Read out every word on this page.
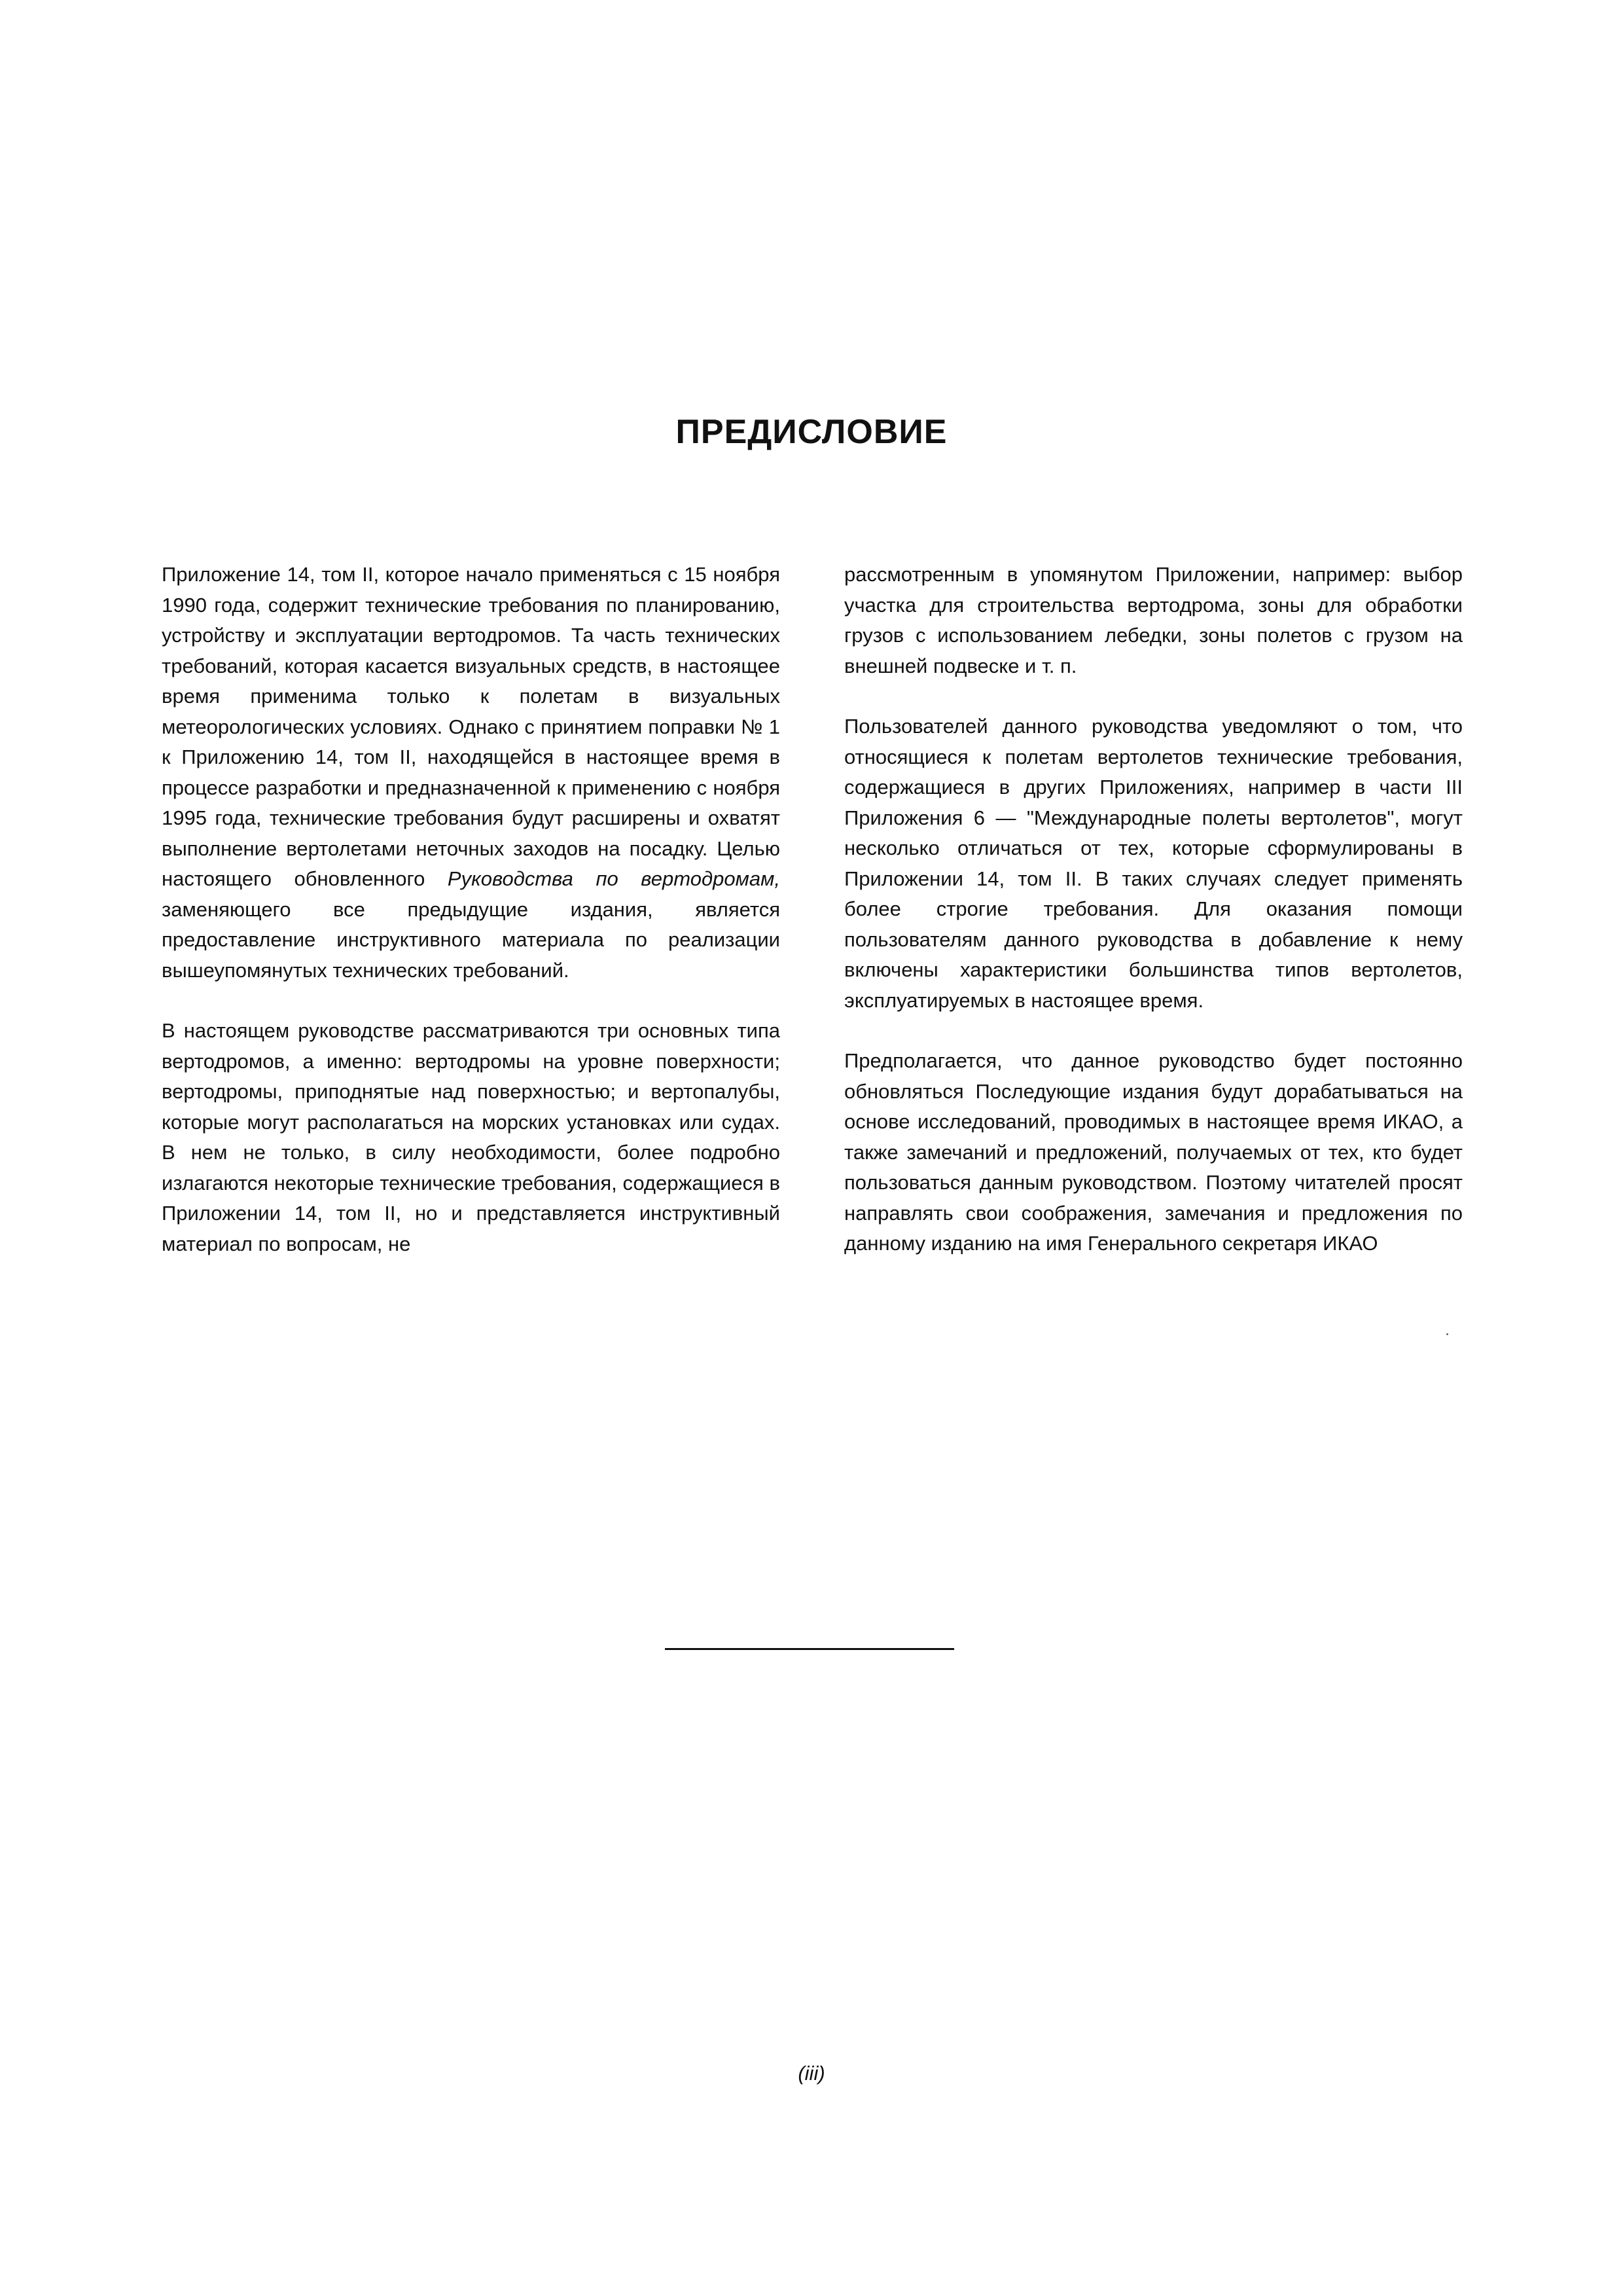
ПРЕДИСЛОВИЕ

Приложение 14, том II, которое начало применяться с 15 ноября 1990 года, содержит технические требования по планированию, устройству и эксплуатации вертодромов. Та часть технических требований, которая касается визуальных средств, в настоящее время применима только к полетам в визуальных метеорологических условиях. Однако с принятием поправки № 1 к Приложению 14, том II, находящейся в настоящее время в процессе разработки и предназначенной к применению с ноября 1995 года, технические требования будут расширены и охватят выполнение вертолетами неточных заходов на посадку. Целью настоящего обновленного Руководства по вертодромам, заменяющего все предыдущие издания, является предоставление инструктивного материала по реализации вышеупомянутых технических требований.

В настоящем руководстве рассматриваются три основных типа вертодромов, а именно: вертодромы на уровне поверхности; вертодромы, приподнятые над поверхностью; и вертопалубы, которые могут располагаться на морских установках или судах. В нем не только, в силу необходимости, более подробно излагаются некоторые технические требования, содержащиеся в Приложении 14, том II, но и представляется инструктивный материал по вопросам, не

рассмотренным в упомянутом Приложении, например: выбор участка для строительства вертодрома, зоны для обработки грузов с использованием лебедки, зоны полетов с грузом на внешней подвеске и т. п.

Пользователей данного руководства уведомляют о том, что относящиеся к полетам вертолетов технические требования, содержащиеся в других Приложениях, например в части III Приложения 6 — "Международные полеты вертолетов", могут несколько отличаться от тех, которые сформулированы в Приложении 14, том II. В таких случаях следует применять более строгие требования. Для оказания помощи пользователям данного руководства в добавление к нему включены характеристики большинства типов вертолетов, эксплуатируемых в настоящее время.

Предполагается, что данное руководство будет постоянно обновляться Последующие издания будут дорабатываться на основе исследований, проводимых в настоящее время ИКАО, а также замечаний и предложений, получаемых от тех, кто будет пользоваться данным руководством. Поэтому читателей просят направлять свои соображения, замечания и предложения по данному изданию на имя Генерального секретаря ИКАО

(iii)
